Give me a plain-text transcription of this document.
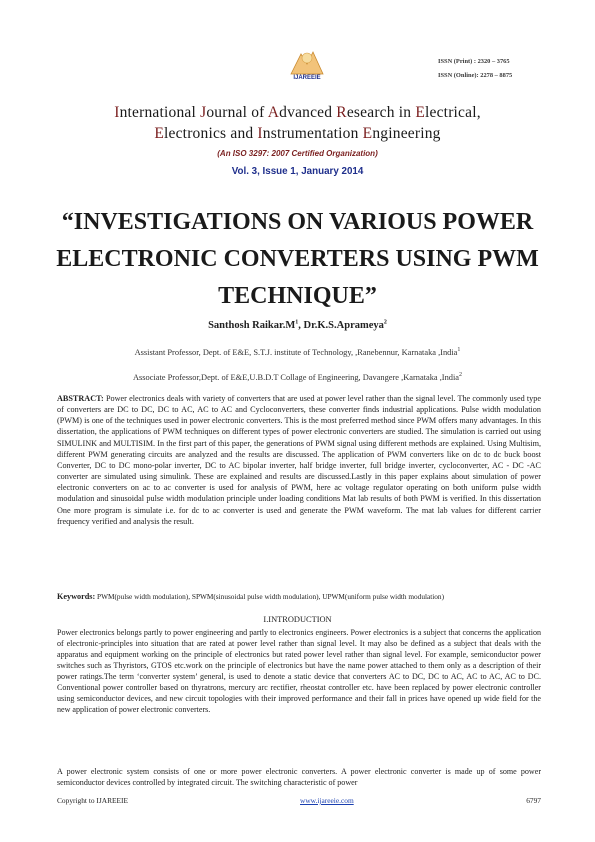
IJAREEIE
ISSN (Print) : 2320 – 3765
ISSN (Online): 2278 – 8875
International Journal of Advanced Research in Electrical,
Electronics and Instrumentation Engineering
(An ISO 3297: 2007 Certified Organization)
Vol. 3, Issue 1, January 2014
“INVESTIGATIONS ON VARIOUS POWER ELECTRONIC CONVERTERS USING PWM TECHNIQUE”
Santhosh $Raikar.M^1$, Dr.K.S.Aprameya$^2$
Assistant Professor, Dept. of E&E, S.T.J. institute of Technology, ,Ranebennur, Karnataka ,India$^1$
Associate Professor,Dept. of E&E,U.B.D.T Collage of Engineering, Davangere ,Karnataka ,India$^2$
ABSTRACT: Power electronics deals with variety of converters that are used at power level rather than the signal level. The commonly used type of converters are DC to DC, DC to AC, AC to AC and Cycloconverters, these converter finds industrial applications. Pulse width modulation (PWM) is one of the techniques used in power electronic converters. This is the most preferred method since PWM offers many advantages. In this dissertation, the applications of PWM techniques on different types of power electronic converters are studied. The simulation is carried out using SIMULINK and MULTISIM. In the first part of this paper, the generations of PWM signal using different methods are explained. Using Multisim, different PWM generating circuits are analyzed and the results are discussed. The application of PWM converters like on dc to dc buck boost Converter, DC to DC mono-polar inverter, DC to AC bipolar inverter, half bridge inverter, full bridge inverter, cycloconverter, AC - DC -AC converter are simulated using simulink. These are explained and results are discussed.Lastly in this paper explains about simulation of power electronic converters on ac to ac converter is used for analysis of PWM, here ac voltage regulator operating on both uniform pulse width modulation and sinusoidal pulse width modulation principle under loading conditions Mat lab results of both PWM is verified. In this dissertation One more program is simulate i.e. for dc to ac converter is used and generate the PWM waveform. The mat lab values for different carrier frequency verified and analysis the result.
Keywords: PWM(pulse width modulation), SPWM(sinusoidal pulse width modulation), UPWM(uniform pulse width modulation)
I.INTRODUCTION
Power electronics belongs partly to power engineering and partly to electronics engineers. Power electronics is a subject that concerns the application of electronic-principles into situation that are rated at power level rather than signal level. It may also be defined as a subject that deals with the apparatus and equipment working on the principle of electronics but rated power level rather than signal level. For example, semiconductor power switches such as Thyristors, GTOS etc.work on the principle of electronics but have the name power attached to them only as a description of their power ratings.The term ‘converter system’ general, is used to denote a static device that converters AC to DC, DC to AC, AC to AC, AC to DC. Conventional power controller based on thyratrons, mercury arc rectifier, rheostat controller etc. have been replaced by power electronic controller using semiconductor devices, and new circuit topologies with their improved performance and their fall in prices have opened up wide field for the new application of power electronic converters.
A power electronic system consists of one or more power electronic converters. A power electronic converter is made up of some power semiconductor devices controlled by integrated circuit. The switching characteristic of power
Copyright to IJAREEIE	www.ijareeie.com	6797
